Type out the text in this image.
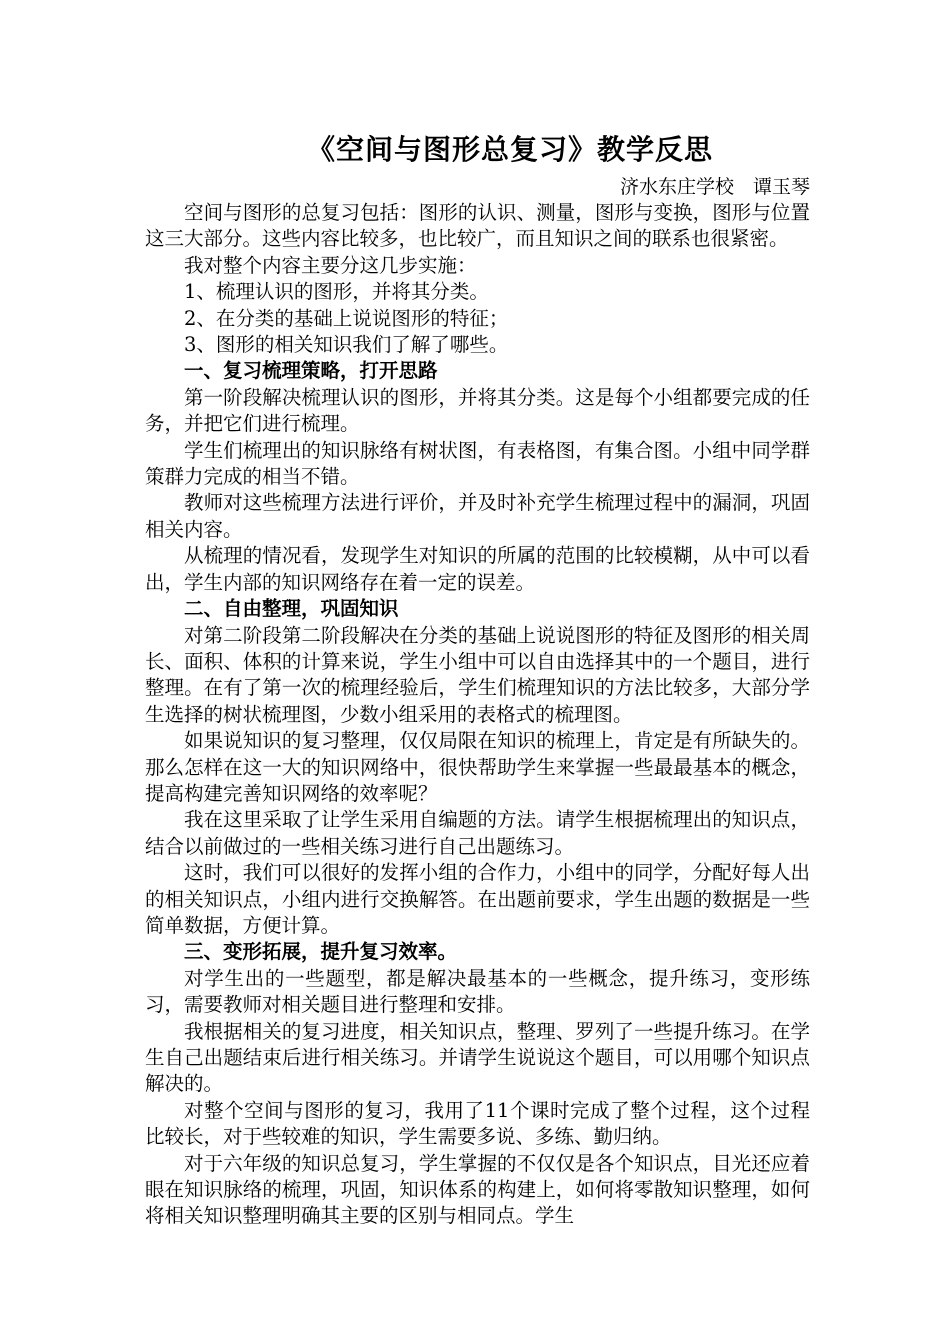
《空间与图形总复习》教学反思
济水东庄学校　谭玉琴

空间与图形的总复习包括：图形的认识、测量，图形与变换，图形与位置这三大部分。这些内容比较多，也比较广，而且知识之间的联系也很紧密。

我对整个内容主要分这几步实施：

1、梳理认识的图形，并将其分类。

2、在分类的基础上说说图形的特征；

3、图形的相关知识我们了解了哪些。

一、复习梳理策略，打开思路

第一阶段解决梳理认识的图形，并将其分类。这是每个小组都要完成的任务，并把它们进行梳理。

学生们梳理出的知识脉络有树状图，有表格图，有集合图。小组中同学群策群力完成的相当不错。

教师对这些梳理方法进行评价，并及时补充学生梳理过程中的漏洞，巩固相关内容。

从梳理的情况看，发现学生对知识的所属的范围的比较模糊，从中可以看出，学生内部的知识网络存在着一定的误差。

二、自由整理，巩固知识

对第二阶段第二阶段解决在分类的基础上说说图形的特征及图形的相关周长、面积、体积的计算来说，学生小组中可以自由选择其中的一个题目，进行整理。在有了第一次的梳理经验后，学生们梳理知识的方法比较多，大部分学生选择的树状梳理图，少数小组采用的表格式的梳理图。

如果说知识的复习整理，仅仅局限在知识的梳理上，肯定是有所缺失的。那么怎样在这一大的知识网络中，很快帮助学生来掌握一些最最基本的概念，提高构建完善知识网络的效率呢？

我在这里采取了让学生采用自编题的方法。请学生根据梳理出的知识点，结合以前做过的一些相关练习进行自己出题练习。

这时，我们可以很好的发挥小组的合作力，小组中的同学，分配好每人出的相关知识点，小组内进行交换解答。在出题前要求，学生出题的数据是一些简单数据，方便计算。

三、变形拓展，提升复习效率。

对学生出的一些题型，都是解决最基本的一些概念，提升练习，变形练习，需要教师对相关题目进行整理和安排。

我根据相关的复习进度，相关知识点，整理、罗列了一些提升练习。在学生自己出题结束后进行相关练习。并请学生说说这个题目，可以用哪个知识点解决的。

对整个空间与图形的复习，我用了11个课时完成了整个过程，这个过程比较长，对于些较难的知识，学生需要多说、多练、勤归纳。

对于六年级的知识总复习，学生掌握的不仅仅是各个知识点，目光还应着眼在知识脉络的梳理，巩固，知识体系的构建上，如何将零散知识整理，如何将相关知识整理明确其主要的区别与相同点。学生
